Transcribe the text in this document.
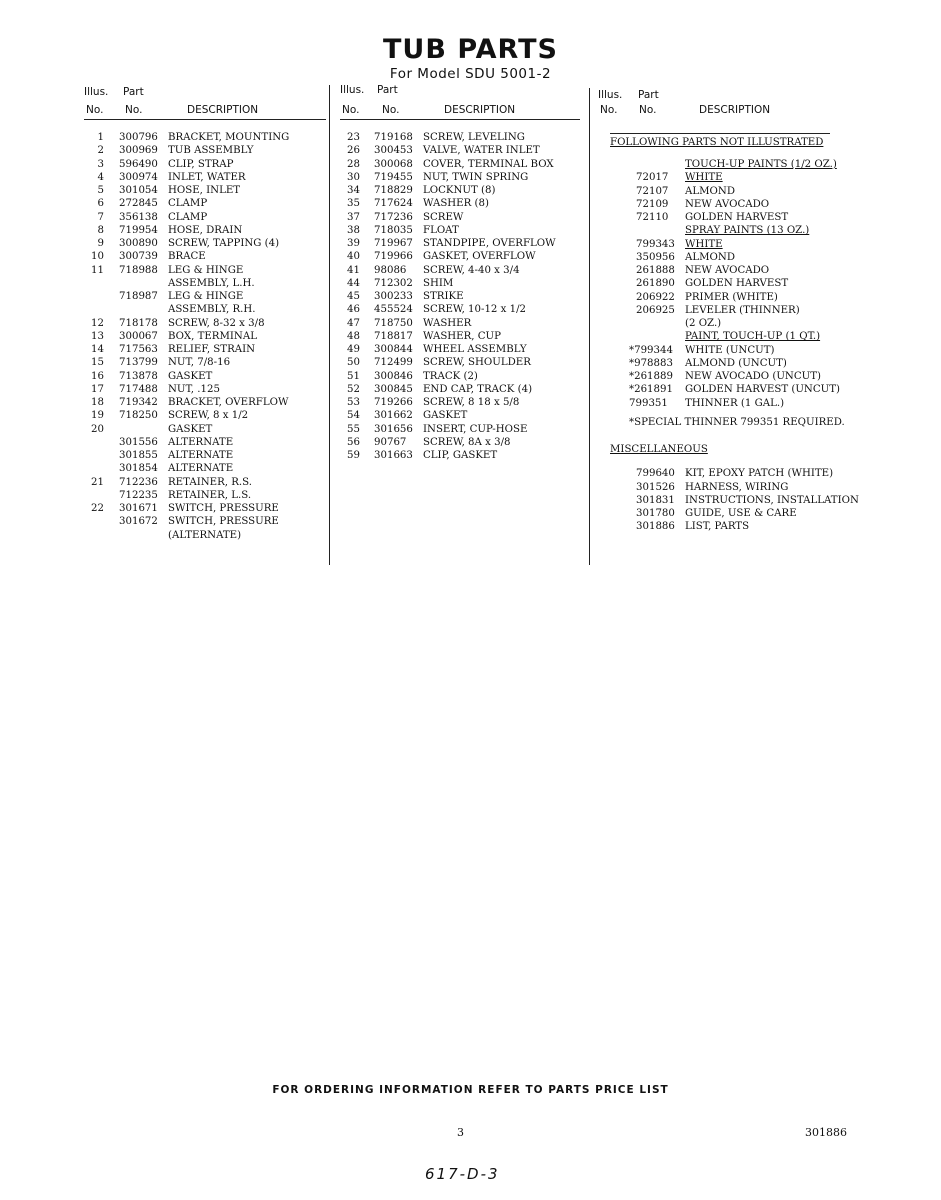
TUB PARTS
For Model SDU 5001-2
Illus. Part
No. No.	DESCRIPTION
1 300796 BRACKET, MOUNTING
2 300969 TUB ASSEMBLY
3 596490 CLIP, STRAP
4 300974 INLET, WATER
5 301054 HOSE, INLET
6 272845 CLAMP
7 356138 CLAMP
8 719954 HOSE, DRAIN
9 300890 SCREW, TAPPING (4)
10 300739 BRACE
11 718988 LEG & HINGE
ASSEMBLY, L.H.
718987 LEG & HINGE
ASSEMBLY, R.H.
12 718178 SCREW, 8-32 x 3/8
13 300067 BOX, TERMINAL
14 717563 RELIEF, STRAIN
15 713799 NUT, 7/8-16
16 713878 GASKET
17 717488 NUT, .125
18 719342 BRACKET, OVERFLOW
19 718250 SCREW, 8 x 1/2
20	GASKET
301556 ALTERNATE
301855 ALTERNATE
301854 ALTERNATE
21 712236 RETAINER, R.S.
712235 RETAINER, L.S.
22 301671 SWITCH, PRESSURE
301672 SWITCH, PRESSURE
(ALTERNATE)
Illus. Part
No. No.	DESCRIPTION
23 719168 SCREW, LEVELING
26 300453 VALVE, WATER INLET
28 300068 COVER, TERMINAL BOX
30 719455 NUT, TWIN SPRING
34 718829 LOCKNUT (8)
35 717624 WASHER (8)
37 717236 SCREW
38 718035 FLOAT
39 719967 STANDPIPE, OVERFLOW
40 719966 GASKET, OVERFLOW
41 98086 SCREW, 4-40 x 3/4
44 712302 SHIM
45 300233 STRIKE
46 455524 SCREW, 10-12 x 1/2
47 718750 WASHER
48 718817 WASHER, CUP
49 300844 WHEEL ASSEMBLY
50 712499 SCREW, SHOULDER
51 300846 TRACK (2)
52 300845 END CAP, TRACK (4)
53 719266 SCREW, 8 18 x 5/8
54 301662 GASKET
55 301656 INSERT, CUP-HOSE
56 90767 SCREW, 8A x 3/8
59 301663 CLIP, GASKET
Illus. Part
No. No.	DESCRIPTION
FOLLOWING PARTS NOT ILLUSTRATED
TOUCH-UP PAINTS (1/2 OZ.)
72017 WHITE
72107 ALMOND
72109 NEW AVOCADO
72110 GOLDEN HARVEST
SPRAY PAINTS (13 OZ.)
799343 WHITE
350956 ALMOND
261888 NEW AVOCADO
261890 GOLDEN HARVEST
206922 PRIMER (WHITE)
206925 LEVELER (THINNER)
(2 OZ.)
PAINT, TOUCH-UP (1 QT.)
*799344 WHITE (UNCUT)
*978883 ALMOND (UNCUT)
*261889 NEW AVOCADO (UNCUT)
*261891 GOLDEN HARVEST (UNCUT)
799351 THINNER (1 GAL.)
*SPECIAL THINNER 799351 REQUIRED.
MISCELLANEOUS
799640 KIT, EPOXY PATCH (WHITE)
301526 HARNESS, WIRING
301831 INSTRUCTIONS, INSTALLATION
301780 GUIDE, USE & CARE
301886 LIST, PARTS
FOR ORDERING INFORMATION REFER TO PARTS PRICE LIST
3	301886
617-D-3
